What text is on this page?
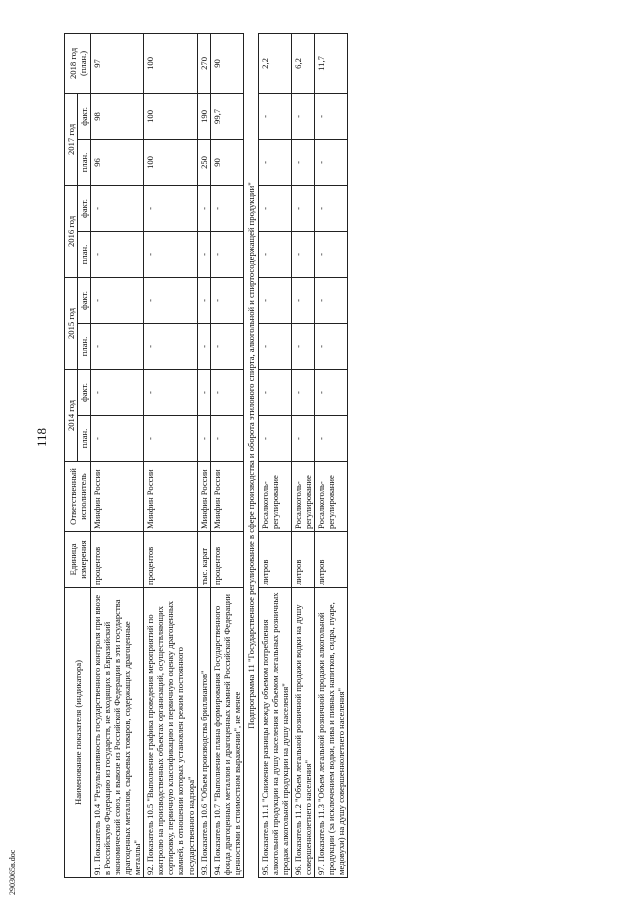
118
2903065в.doc
Наименование показателя (индикатора)	Единица измерения	Ответственный исполнитель	2014 год		2015 год		2016 год		2017 год		2018 год (план.)
			план.	факт.	план.	факт.	план.	факт.	план.	факт.	
91. Показатель 10.4 "Результативность государственного контроля при ввозе в Российскую Федерацию из государств, не входящих в Евразийский экономический союз, и вывозе из Российской Федерации в эти государства драгоценных металлов, сырьевых товаров, содержащих драгоценные металлы"	процентов	Минфин России	-	-	-	-	-	-	96	98	97
92. Показатель 10.5 "Выполнение графика проведения мероприятий по контролю на производственных объектах организаций, осуществляющих сортировку, первичную классификацию и первичную оценку драгоценных камней, в отношении которых установлен режим постоянного государственного надзора"	процентов	Минфин России	-	-	-	-	-	-	100	100	100
93. Показатель 10.6 "Объем производства бриллиантов"	тыс. карат	Минфин России	-	-	-	-	-	-	250	190	270
94. Показатель 10.7 "Выполнение плана формирования Государственного фонда драгоценных металлов и драгоценных камней Российской Федерации ценностями в стоимостном выражении", не менее	процентов	Минфин России	-	-	-	-	-	-	90	99,7	90
Подпрограмма 11 "Государственное регулирование в сфере производства и оборота этилового спирта, алкогольной и спиртосодержащей продукции"											
95. Показатель 11.1 "Снижение разницы между объемом потребления алкогольной продукции на душу населения и объемом легальных розничных продаж алкогольной продукции на душу населения"	литров	Росалкоголь- регулирование	-	-	-	-	-	-	-	-	2,2
96. Показатель 11.2 "Объем легальной розничной продажи водки на душу совершеннолетнего населения"	литров	Росалкоголь- регулирование	-	-	-	-	-	-	-	-	6,2
97. Показатель 11.3 "Объем легальной розничной продажи алкогольной продукции (за исключением водки, пива и пивных напитков, сидра, пуаре, медовухи) на душу совершеннолетнего населения"	литров	Росалкоголь- регулирование	-	-	-	-	-	-	-	-	11,7
